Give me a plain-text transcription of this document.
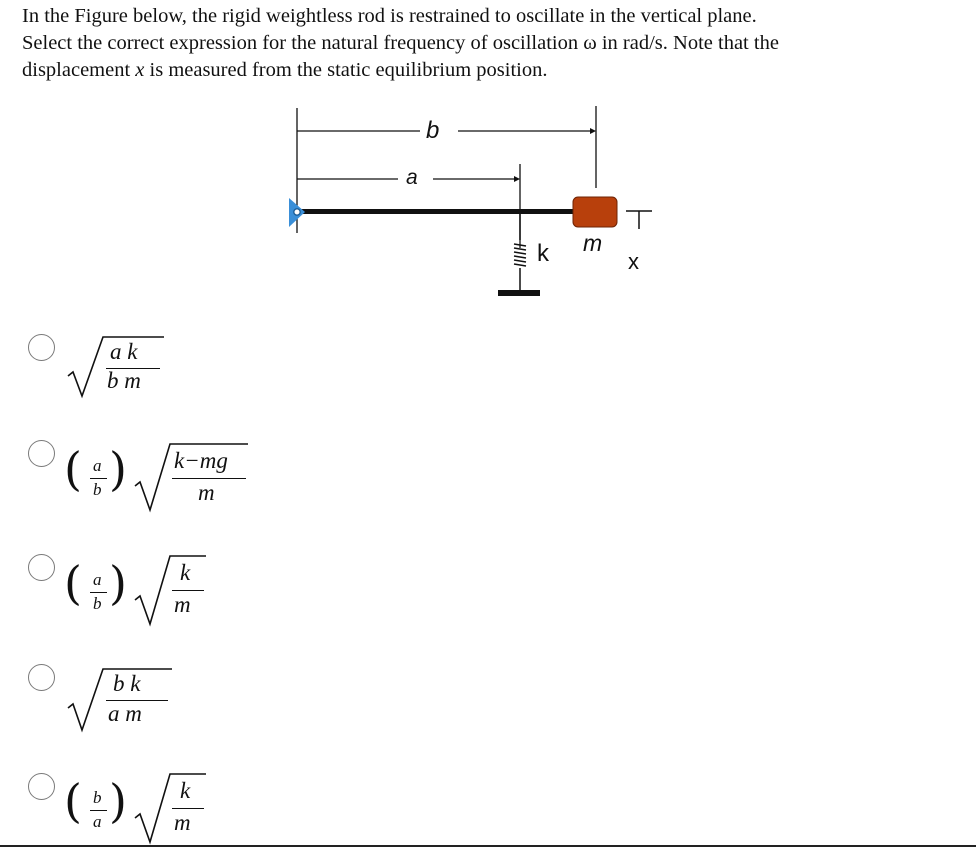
In the Figure below, the rigid weightless rod is restrained to oscillate in the vertical plane.
Select the correct expression for the natural frequency of oscillation ω in rad/s. Note that the
displacement x is measured from the static equilibrium position.
b
a
k m
x
a k
b m
( a
b ) k−mg
m
( a
b ) k
m
b k
a m
( b
a ) k
m
